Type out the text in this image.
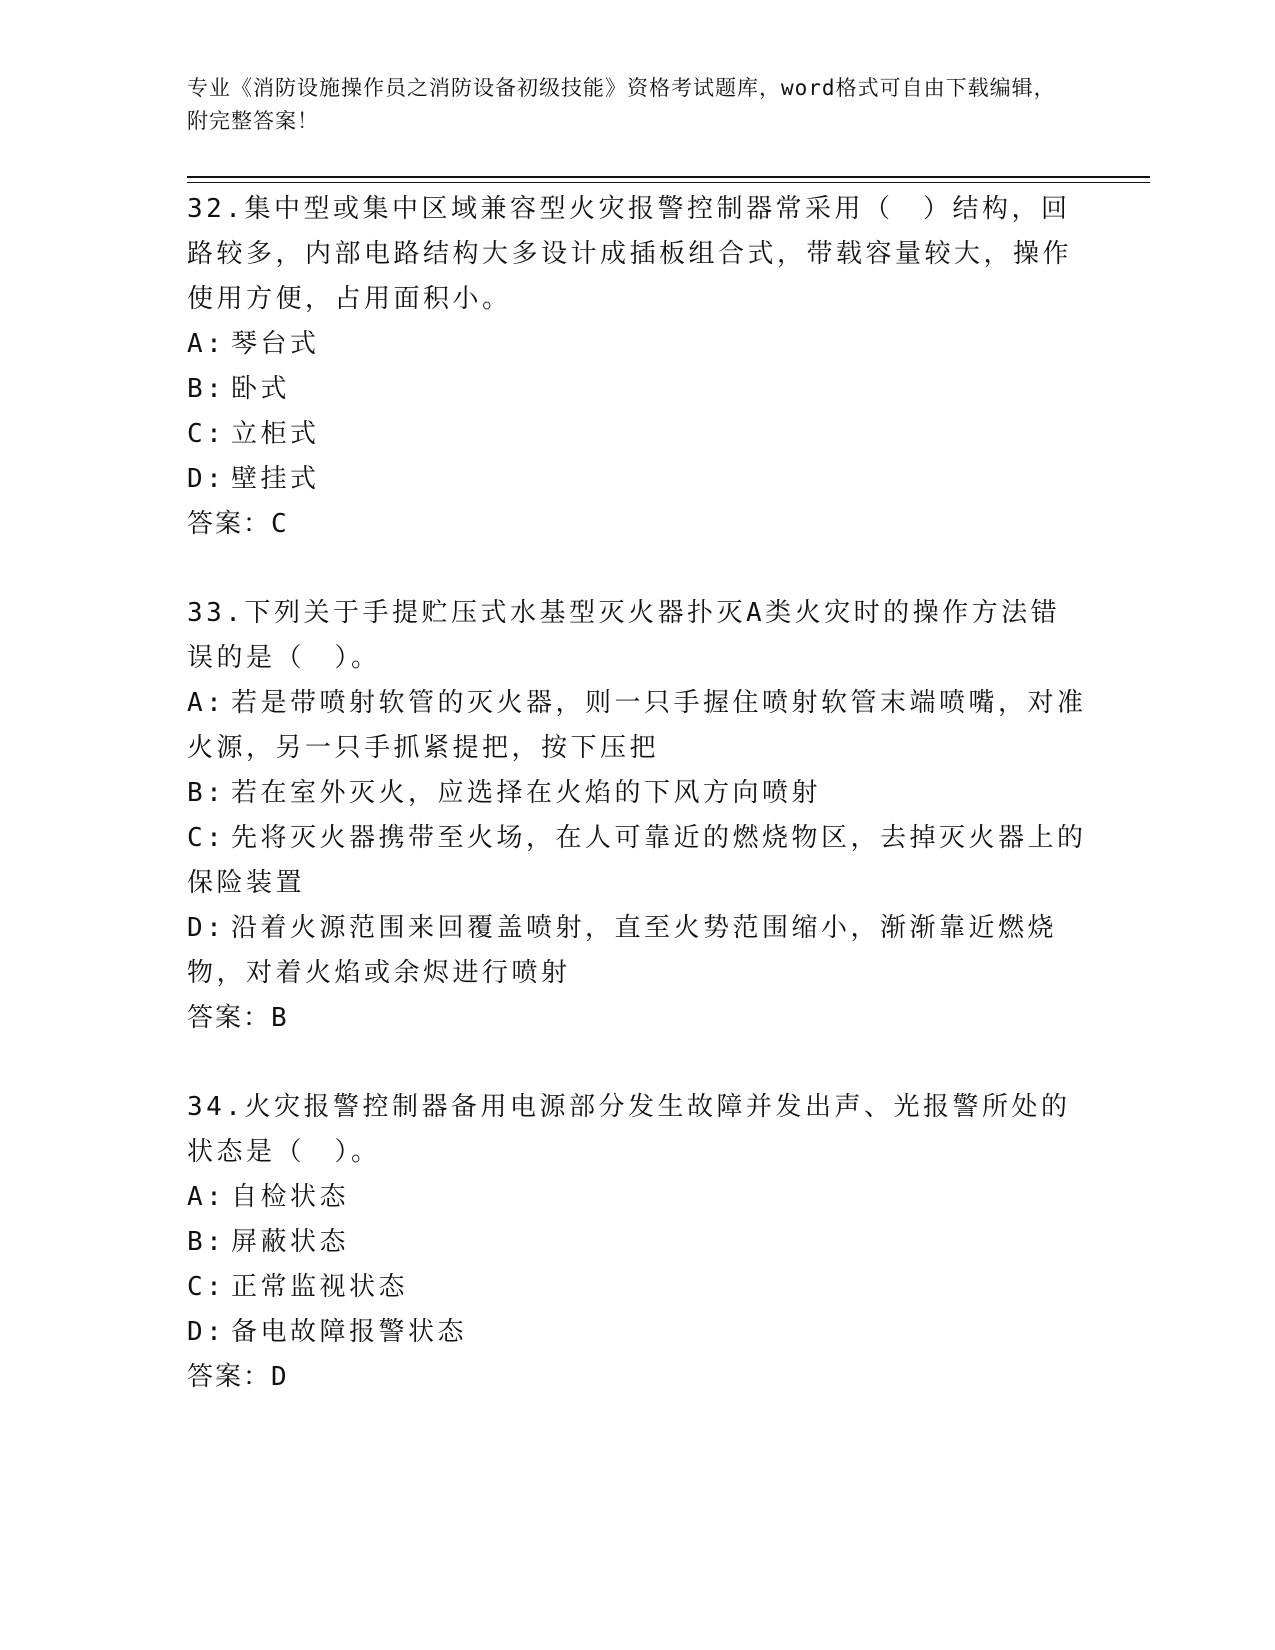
专业《消防设施操作员之消防设备初级技能》资格考试题库，word格式可自由下载编辑，附完整答案！

32.集中型或集中区域兼容型火灾报警控制器常采用（　）结构，回路较多，内部电路结构大多设计成插板组合式，带载容量较大，操作使用方便，占用面积小。

A: 琴台式

B: 卧式

C: 立柜式

D: 壁挂式

答案：C

33.下列关于手提贮压式水基型灭火器扑灭A类火灾时的操作方法错误的是（　）。

A: 若是带喷射软管的灭火器，则一只手握住喷射软管末端喷嘴，对准火源，另一只手抓紧提把，按下压把

B: 若在室外灭火，应选择在火焰的下风方向喷射

C: 先将灭火器携带至火场，在人可靠近的燃烧物区，去掉灭火器上的保险装置

D: 沿着火源范围来回覆盖喷射，直至火势范围缩小，渐渐靠近燃烧物，对着火焰或余烬进行喷射

答案：B

34.火灾报警控制器备用电源部分发生故障并发出声、光报警所处的状态是（　）。

A: 自检状态

B: 屏蔽状态

C: 正常监视状态

D: 备电故障报警状态

答案：D
